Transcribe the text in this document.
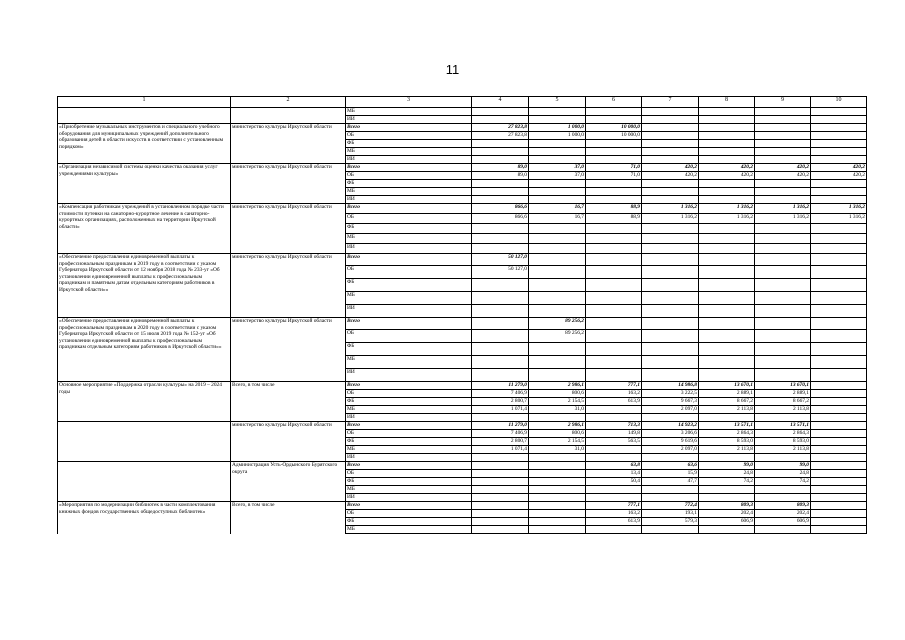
11
1	2	3	4	5	6	7	8	9	10
		МБ							
		ИИ							
«Приобретение музыкальных инструментов и специального учебного оборудования для муниципальных учреждений дополнительного образования детей в области искусств в соответствии с установленным порядком»	министерство культуры Иркутской области	Всего	27 823,8	1 000,0	10 000,0				
		ОБ	27 823,8	1 000,0	10 000,0				
		ФБ							
		МБ							
		ИИ							
«Организация независимой системы оценки качества оказания услуг учреждениями культуры»	министерство культуры Иркутской области	Всего	89,0	37,0	71,0	420,2	420,2	420,2	420,2
		ОБ	89,0	37,0	71,0	420,2	420,2	420,2	420,2
		ФБ							
		МБ							
		ИИ							
«Компенсация работникам учреждений в установленном порядке части стоимости путевки на санаторно-курортное лечение в санаторно-курортных организациях, расположенных на территории Иркутской области»	министерство культуры Иркутской области	Всего	866,6	16,7	88,9	1 316,2	1 316,2	1 316,2	1 316,2
		ОБ	866,6	16,7	88,9	1 316,2	1 316,2	1 316,2	1 316,2
		ФБ							
		МБ							
		ИИ							
«Обеспечение предоставления единовременной выплаты к профессиональным праздникам в 2019 году в соответствии с указом Губернатора Иркутской области от 12 ноября 2018 года № 233-уг «Об установлении единовременной выплаты к профессиональным праздникам и памятным датам отдельным категориям работников в Иркутской области»»	министерство культуры Иркутской области	Всего	50 127,0						
		ОБ	50 127,0						
		ФБ							
		МБ							
		ИИ							
«Обеспечение предоставления единовременной выплаты к профессиональным праздникам в 2020 году в соответствии с указом Губернатора Иркутской области от 15 июля 2019 года № 152-уг «Об установлении единовременной выплаты к профессиональным праздникам отдельным категориям работников в Иркутской области»»	министерство культуры Иркутской области	Всего		89 256,2					
		ОБ		89 256,2					
		ФБ							
		МБ							
		ИИ							
Основное мероприятие «Поддержка отрасли культуры» на 2019 – 2024 годы	Всего, в том числе	Всего	11 279,0	2 986,1	777,1	14 986,8	13 670,1	13 670,1	
		ОБ	7 406,9	800,6	163,2	3 222,5	2 889,1	2 889,1	
		ФБ	2 800,7	2 154,5	613,9	9 667,3	8 667,2	8 667,2	
		МБ	1 071,4	31,0		2 097,0	2 113,8	2 113,8	
		ИИ							
	министерство культуры Иркутской области	Всего	11 279,0	2 986,1	713,3	14 923,2	13 571,1	13 571,1	
		ОБ	7 406,9	800,6	149,8	3 206,6	2 864,3	2 864,3	
		ФБ	2 800,7	2 154,5	563,5	9 619,6	8 593,0	8 593,0	
		МБ	1 071,4	31,0		2 097,0	2 113,8	2 113,8	
		ИИ							
	Администрация Усть-Ордынского Бурятского округа	Всего			63,8	63,6	99,0	99,0	
		ОБ			13,4	15,9	24,8	24,8	
		ФБ			50,4	47,7	74,2	74,2	
		МБ							
		ИИ							
«Мероприятия по модернизации библиотек в части комплектования книжных фондов государственных общедоступных библиотек»	Всего, в том числе	Всего			777,1	772,4	809,3	809,3	
		ОБ			163,2	193,1	202,4	202,4	
		ФБ			613,9	579,3	606,9	606,9	
		МБ							
